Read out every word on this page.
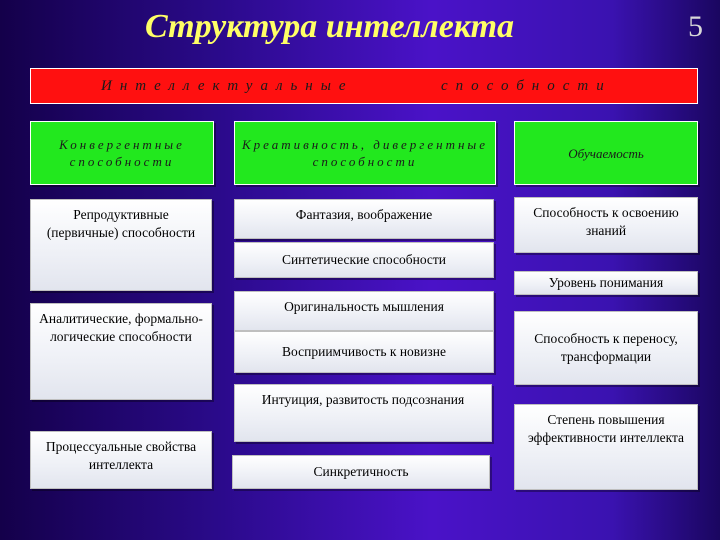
Структура интеллекта	5
Интеллектуальные	способности
Конвергентные способности
Креативность, дивергентные способности
Обучаемость
Репродуктивные (первичные) способности
Аналитические, формально-логические способности
Процессуальные свойства интеллекта
Фантазия, воображение
Синтетические способности
Оригинальность мышления
Восприимчивость к новизне
Интуиция, развитость подсознания
Синкретичность
Способность к освоению знаний
Уровень понимания
Способность к переносу, трансформации
Степень повышения эффективности интеллекта
